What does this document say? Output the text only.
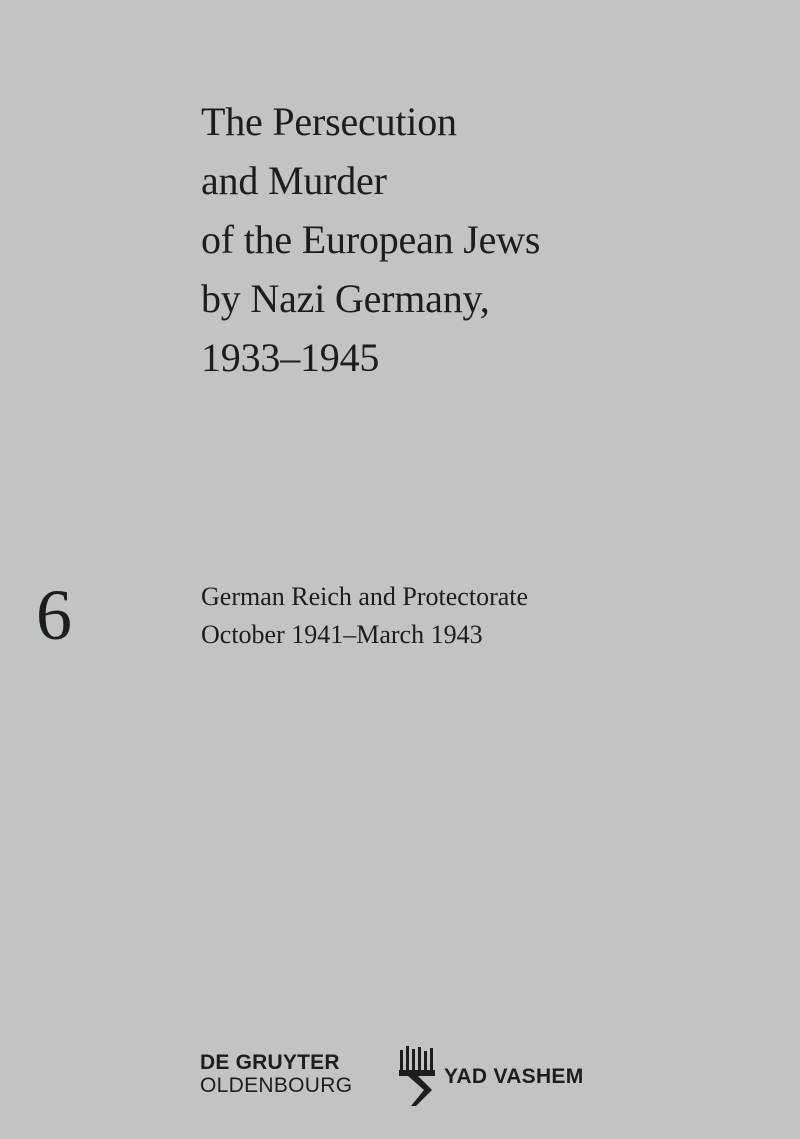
The Persecution
and Murder
of the European Jews
by Nazi Germany,
1933–1945
6	German Reich and Protectorate
October 1941–March 1943
DE GRUYTER
OLDENBOURG	YAD VASHEM
